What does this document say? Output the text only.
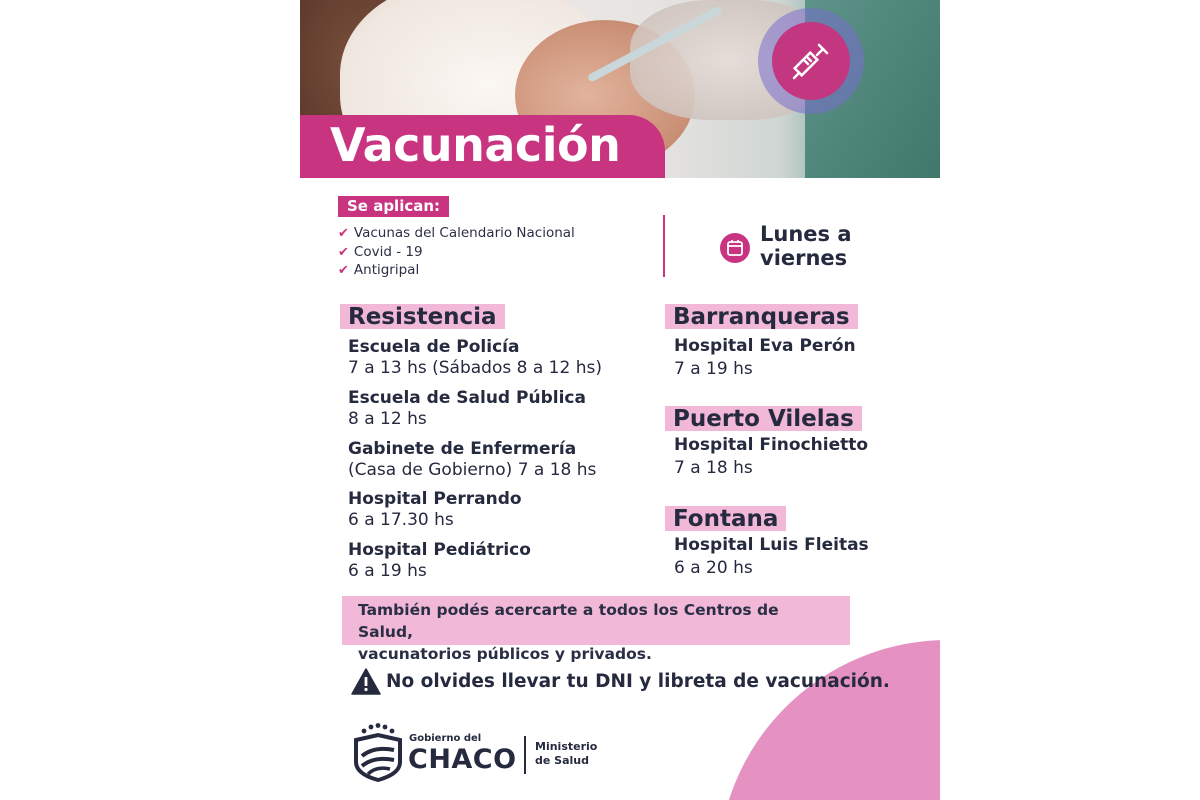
Vacunación
Se aplican:
✔ Vacunas del Calendario Nacional
✔ Covid - 19
✔ Antigripal
Lunes a
viernes
Resistencia
Escuela de Policía
7 a 13 hs (Sábados 8 a 12 hs)
Escuela de Salud Pública
8 a 12 hs
Gabinete de Enfermería
(Casa de Gobierno) 7 a 18 hs
Hospital Perrando
6 a 17.30 hs
Hospital Pediátrico
6 a 19 hs
Barranqueras
Hospital Eva Perón
7 a 19 hs
Puerto Vilelas
Hospital Finochietto
7 a 18 hs
Fontana
Hospital Luis Fleitas
6 a 20 hs
También podés acercarte a todos los Centros de Salud,
vacunatorios públicos y privados.
No olvides llevar tu DNI y libreta de vacunación.
Gobierno del
CHACO Ministerio
de Salud
